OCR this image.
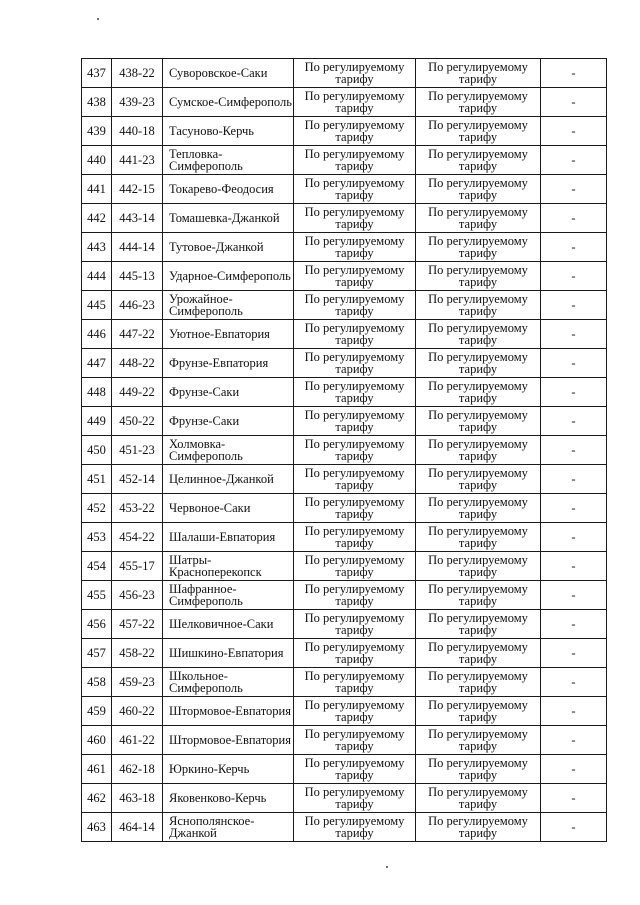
437	438-22	Суворовское-Саки	По регулируемому тарифу	По регулируемому тарифу	-
438	439-23	Сумское-Симферополь	По регулируемому тарифу	По регулируемому тарифу	-
439	440-18	Тасуново-Керчь	По регулируемому тарифу	По регулируемому тарифу	-
440	441-23	Тепловка-Симферополь	По регулируемому тарифу	По регулируемому тарифу	-
441	442-15	Токарево-Феодосия	По регулируемому тарифу	По регулируемому тарифу	-
442	443-14	Томашевка-Джанкой	По регулируемому тарифу	По регулируемому тарифу	-
443	444-14	Тутовое-Джанкой	По регулируемому тарифу	По регулируемому тарифу	-
444	445-13	Ударное-Симферополь	По регулируемому тарифу	По регулируемому тарифу	-
445	446-23	Урожайное-Симферополь	По регулируемому тарифу	По регулируемому тарифу	-
446	447-22	Уютное-Евпатория	По регулируемому тарифу	По регулируемому тарифу	-
447	448-22	Фрунзе-Евпатория	По регулируемому тарифу	По регулируемому тарифу	-
448	449-22	Фрунзе-Саки	По регулируемому тарифу	По регулируемому тарифу	-
449	450-22	Фрунзе-Саки	По регулируемому тарифу	По регулируемому тарифу	-
450	451-23	Холмовка-Симферополь	По регулируемому тарифу	По регулируемому тарифу	-
451	452-14	Целинное-Джанкой	По регулируемому тарифу	По регулируемому тарифу	-
452	453-22	Червоное-Саки	По регулируемому тарифу	По регулируемому тарифу	-
453	454-22	Шалаши-Евпатория	По регулируемому тарифу	По регулируемому тарифу	-
454	455-17	Шатры-Красноперекопск	По регулируемому тарифу	По регулируемому тарифу	-
455	456-23	Шафранное-Симферополь	По регулируемому тарифу	По регулируемому тарифу	-
456	457-22	Шелковичное-Саки	По регулируемому тарифу	По регулируемому тарифу	-
457	458-22	Шишкино-Евпатория	По регулируемому тарифу	По регулируемому тарифу	-
458	459-23	Школьное-Симферополь	По регулируемому тарифу	По регулируемому тарифу	-
459	460-22	Штормовое-Евпатория	По регулируемому тарифу	По регулируемому тарифу	-
460	461-22	Штормовое-Евпатория	По регулируемому тарифу	По регулируемому тарифу	-
461	462-18	Юркино-Керчь	По регулируемому тарифу	По регулируемому тарифу	-
462	463-18	Яковенково-Керчь	По регулируемому тарифу	По регулируемому тарифу	-
463	464-14	Яснополянское-Джанкой	По регулируемому тарифу	По регулируемому тарифу	-
